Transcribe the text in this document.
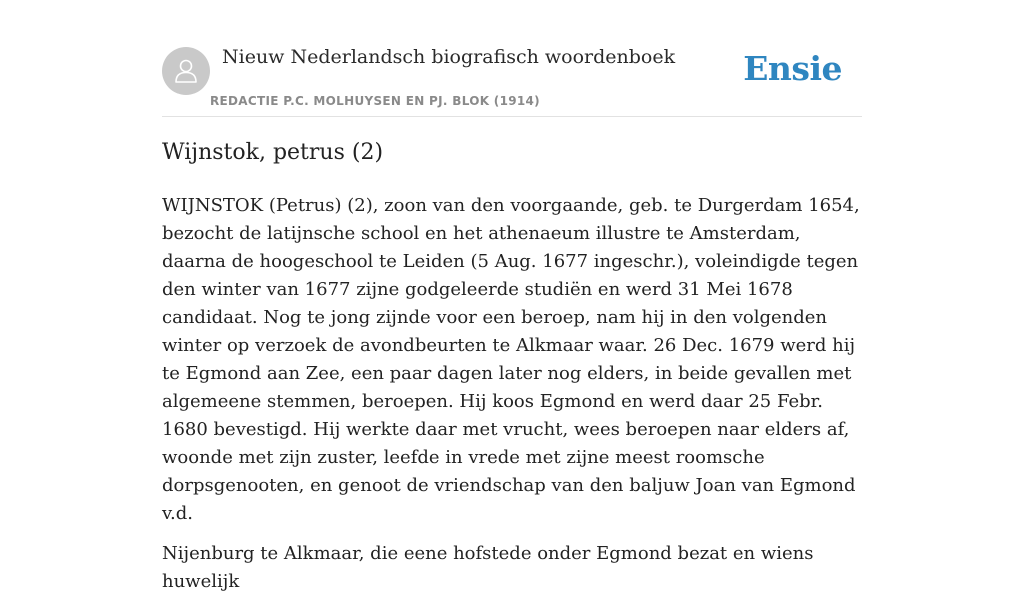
Nieuw Nederlandsch biografisch woordenboek
REDACTIE P.C. MOLHUYSEN EN PJ. BLOK (1914)
Ensie
Wijnstok, petrus (2)

WIJNSTOK (Petrus) (2), zoon van den voorgaande, geb. te Durgerdam 1654, bezocht de latijnsche school en het athenaeum illustre te Amsterdam, daarna de hoogeschool te Leiden (5 Aug. 1677 ingeschr.), voleindigde tegen den winter van 1677 zijne godgeleerde studiën en werd 31 Mei 1678 candidaat. Nog te jong zijnde voor een beroep, nam hij in den volgenden winter op verzoek de avondbeurten te Alkmaar waar. 26 Dec. 1679 werd hij te Egmond aan Zee, een paar dagen later nog elders, in beide gevallen met algemeene stemmen, beroepen. Hij koos Egmond en werd daar 25 Febr. 1680 bevestigd. Hij werkte daar met vrucht, wees beroepen naar elders af, woonde met zijn zuster, leefde in vrede met zijne meest roomsche dorpsgenooten, en genoot de vriendschap van den baljuw Joan van Egmond v.d.

Nijenburg te Alkmaar, die eene hofstede onder Egmond bezat en wiens huwelijk
